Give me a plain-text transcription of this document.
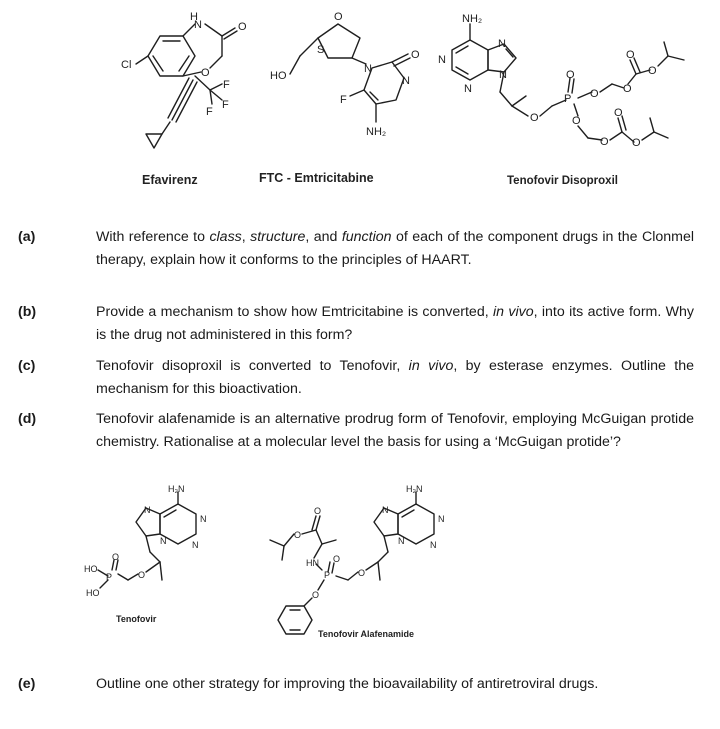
H
N	O
O
Cl
F
F
F
O
S
HO
N
O
N
F
NH₂
NH₂
N
N
N
N
O
P
O
O O
O
O
O
O
O
O
H₂N
N
N
N
N
O
P
O
HO
HO
H₂N
N
N
N
N
O
P
O
HN
O
O
O
Efavirenz	FTC - Emtricitabine	Tenofovir Disoproxil
Tenofovir
Tenofovir Alafenamide
(a)	With reference to class, structure, and function of each of the component drugs in the Clonmel therapy, explain how it conforms to the principles of HAART.
(b)	Provide a mechanism to show how Emtricitabine is converted, in vivo, into its active form. Why is the drug not administered in this form?
(c)	Tenofovir disoproxil is converted to Tenofovir, in vivo, by esterase enzymes. Outline the mechanism for this bioactivation.
(d)	Tenofovir alafenamide is an alternative prodrug form of Tenofovir, employing McGuigan protide chemistry. Rationalise at a molecular level the basis for using a ‘McGuigan protide’?
(e)	Outline one other strategy for improving the bioavailability of antiretroviral drugs.
